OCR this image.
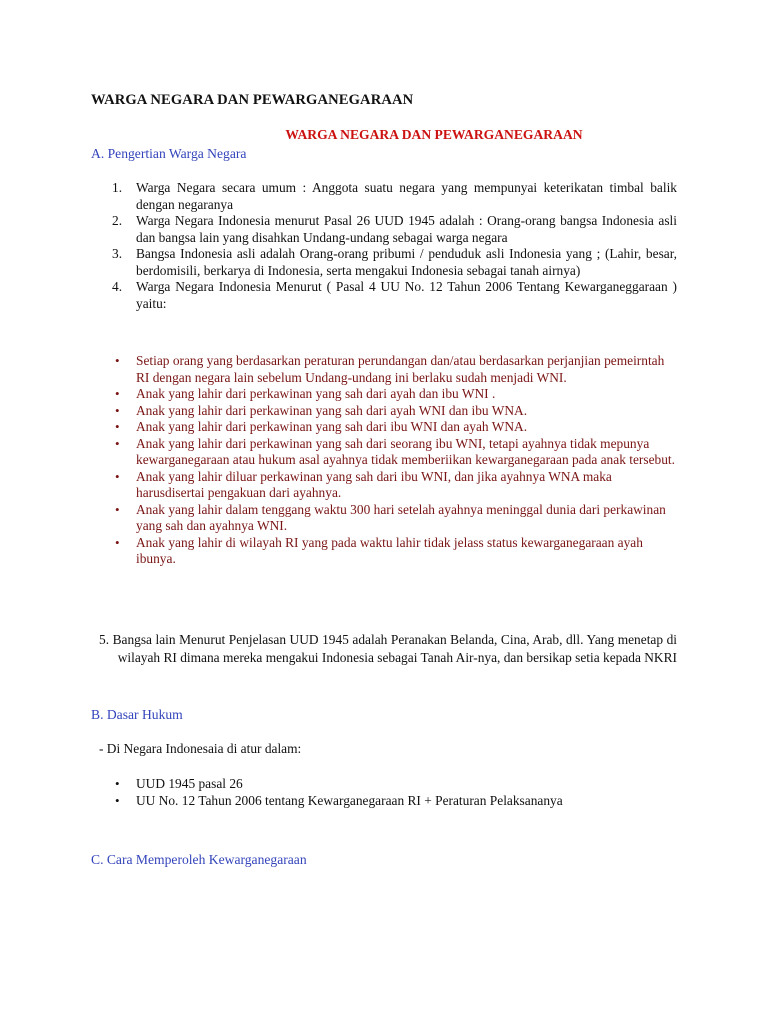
WARGA NEGARA DAN PEWARGANEGARAAN
WARGA NEGARA DAN PEWARGANEGARAAN
A. Pengertian Warga Negara
1. Warga Negara secara umum : Anggota suatu negara yang mempunyai keterikatan timbal balik dengan negaranya
2. Warga Negara Indonesia menurut Pasal 26 UUD 1945 adalah : Orang-orang bangsa Indonesia asli dan bangsa lain yang disahkan Undang-undang sebagai warga negara
3. Bangsa Indonesia asli adalah Orang-orang pribumi / penduduk asli Indonesia yang ; (Lahir, besar, berdomisili, berkarya di Indonesia, serta mengakui Indonesia sebagai tanah airnya)
4. Warga Negara Indonesia Menurut ( Pasal 4 UU No. 12 Tahun 2006 Tentang Kewarganeggaraan ) yaitu:
• Setiap orang yang berdasarkan peraturan perundangan dan/atau berdasarkan perjanjian pemeirntah RI dengan negara lain sebelum Undang-undang ini berlaku sudah menjadi WNI.
• Anak yang lahir dari perkawinan yang sah dari ayah dan ibu WNI .
• Anak yang lahir dari perkawinan yang sah dari ayah WNI dan ibu WNA.
• Anak yang lahir dari perkawinan yang sah dari ibu WNI dan ayah WNA.
• Anak yang lahir dari perkawinan yang sah dari seorang ibu WNI, tetapi ayahnya tidak mepunya kewarganegaraan atau hukum asal ayahnya tidak memberiikan kewarganegaraan pada anak tersebut.
• Anak yang lahir diluar perkawinan yang sah dari ibu WNI, dan jika ayahnya WNA maka harusdisertai pengakuan dari ayahnya.
• Anak yang lahir dalam tenggang waktu 300 hari setelah ayahnya meninggal dunia dari perkawinan yang sah dan ayahnya WNI.
• Anak yang lahir di wilayah RI yang pada waktu lahir tidak jelass status kewarganegaraan ayah ibunya.

5. Bangsa lain Menurut Penjelasan UUD 1945 adalah Peranakan Belanda, Cina, Arab, dll. Yang menetap di wilayah RI dimana mereka mengakui Indonesia sebagai Tanah Air-nya, dan bersikap setia kepada NKRI

B. Dasar Hukum

- Di Negara Indonesaia di atur dalam:

• UUD 1945 pasal 26
• UU No. 12 Tahun 2006 tentang Kewarganegaraan RI + Peraturan Pelaksananya
C. Cara Memperoleh Kewarganegaraan
